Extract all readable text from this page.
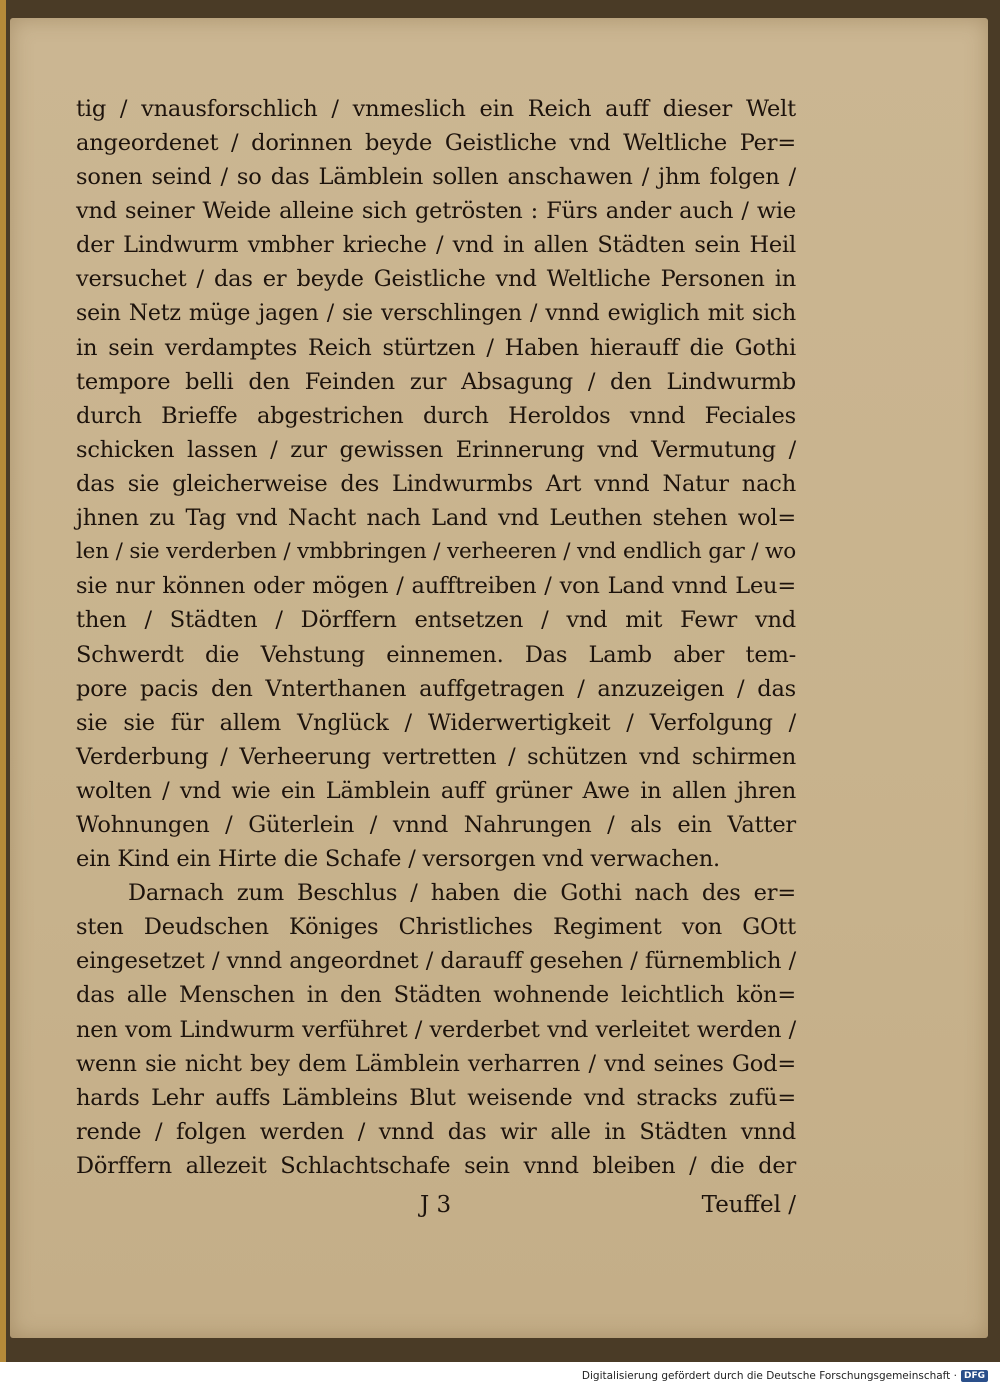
tig / vnausforschlich / vnmeslich ein Reich auff dieser Welt
angeordenet / dorinnen beyde Geistliche vnd Weltliche Per=
sonen seind / so das Lämblein sollen anschawen / jhm folgen /
vnd seiner Weide alleine sich getrösten : Fürs ander auch / wie
der Lindwurm vmbher krieche / vnd in allen Städten sein Heil
versuchet / das er beyde Geistliche vnd Weltliche Personen in
sein Netz müge jagen / sie verschlingen / vnnd ewiglich mit sich
in sein verdamptes Reich stürtzen / Haben hierauff die Gothi
tempore belli den Feinden zur Absagung / den Lindwurmb
durch Brieffe abgestrichen durch Heroldos vnnd Feciales
schicken lassen / zur gewissen Erinnerung vnd Vermutung /
das sie gleicherweise des Lindwurmbs Art vnnd Natur nach
jhnen zu Tag vnd Nacht nach Land vnd Leuthen stehen wol=
len / sie verderben / vmbbringen / verheeren / vnd endlich gar / wo
sie nur können oder mögen / aufftreiben / von Land vnnd Leu=
then / Städten / Dörffern entsetzen / vnd mit Fewr vnd
Schwerdt die Vehstung einnemen. Das Lamb aber tem-
pore pacis den Vnterthanen auffgetragen / anzuzeigen / das
sie sie für allem Vnglück / Widerwertigkeit / Verfolgung /
Verderbung / Verheerung vertretten / schützen vnd schirmen
wolten / vnd wie ein Lämblein auff grüner Awe in allen jhren
Wohnungen / Güterlein / vnnd Nahrungen / als ein Vatter
ein Kind ein Hirte die Schafe / versorgen vnd verwachen.
Darnach zum Beschlus / haben die Gothi nach des er=
sten Deudschen Königes Christliches Regiment von GOtt
eingesetzet / vnnd angeordnet / darauff gesehen / fürnemblich /
das alle Menschen in den Städten wohnende leichtlich kön=
nen vom Lindwurm verführet / verderbet vnd verleitet werden /
wenn sie nicht bey dem Lämblein verharren / vnd seines God=
hards Lehr auffs Lämbleins Blut weisende vnd stracks zufü=
rende / folgen werden / vnnd das wir alle in Städten vnnd
Dörffern allezeit Schlachtschafe sein vnnd bleiben / die der
J 3	Teuffel /
Digitalisierung gefördert durch die Deutsche Forschungsgemeinschaft · DFG
